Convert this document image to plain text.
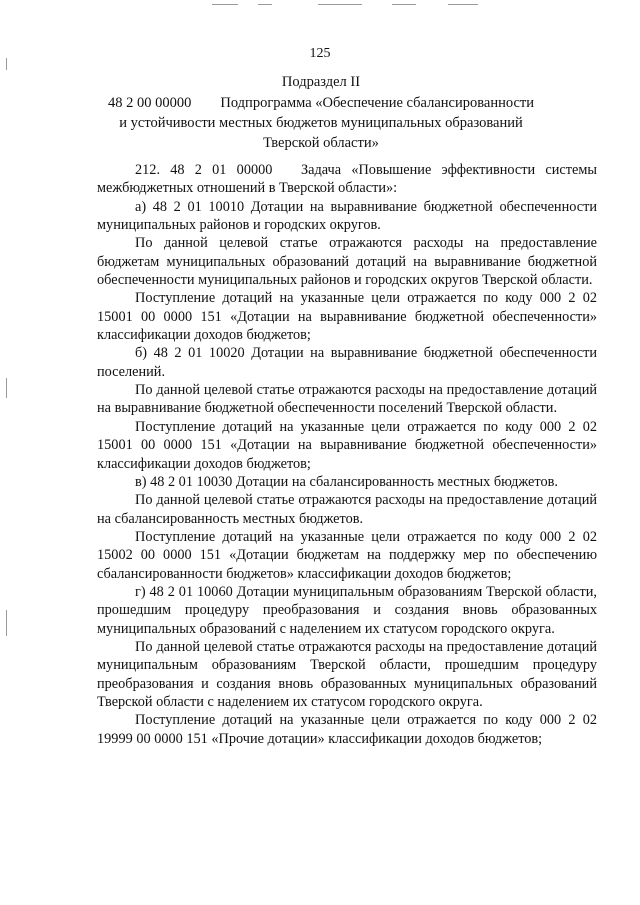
125
Подраздел II
48 2 00 00000  Подпрограмма «Обеспечение сбалансированности и устойчивости местных бюджетов муниципальных образований Тверской области»

212. 48 2 01 00000  Задача «Повышение эффективности системы межбюджетных отношений в Тверской области»:

а) 48 2 01 10010 Дотации на выравнивание бюджетной обеспеченности муниципальных районов и городских округов.

По данной целевой статье отражаются расходы на предоставление бюджетам муниципальных образований дотаций на выравнивание бюджетной обеспеченности муниципальных районов и городских округов Тверской области.

Поступление дотаций на указанные цели отражается по коду 000 2 02 15001 00 0000 151 «Дотации на выравнивание бюджетной обеспеченности» классификации доходов бюджетов;

б) 48 2 01 10020 Дотации на выравнивание бюджетной обеспеченности поселений.

По данной целевой статье отражаются расходы на предоставление дотаций на выравнивание бюджетной обеспеченности поселений Тверской области.

Поступление дотаций на указанные цели отражается по коду 000 2 02 15001 00 0000 151 «Дотации на выравнивание бюджетной обеспеченности» классификации доходов бюджетов;

в) 48 2 01 10030 Дотации на сбалансированность местных бюджетов.

По данной целевой статье отражаются расходы на предоставление дотаций на сбалансированность местных бюджетов.

Поступление дотаций на указанные цели отражается по коду 000 2 02 15002 00 0000 151 «Дотации бюджетам на поддержку мер по обеспечению сбалансированности бюджетов» классификации доходов бюджетов;

г) 48 2 01 10060 Дотации муниципальным образованиям Тверской области, прошедшим процедуру преобразования и создания вновь образованных муниципальных образований с наделением их статусом городского округа.

По данной целевой статье отражаются расходы на предоставление дотаций муниципальным образованиям Тверской области, прошедшим процедуру преобразования и создания вновь образованных муниципальных образований Тверской области с наделением их статусом городского округа.

Поступление дотаций на указанные цели отражается по коду 000 2 02 19999 00 0000 151 «Прочие дотации» классификации доходов бюджетов;
